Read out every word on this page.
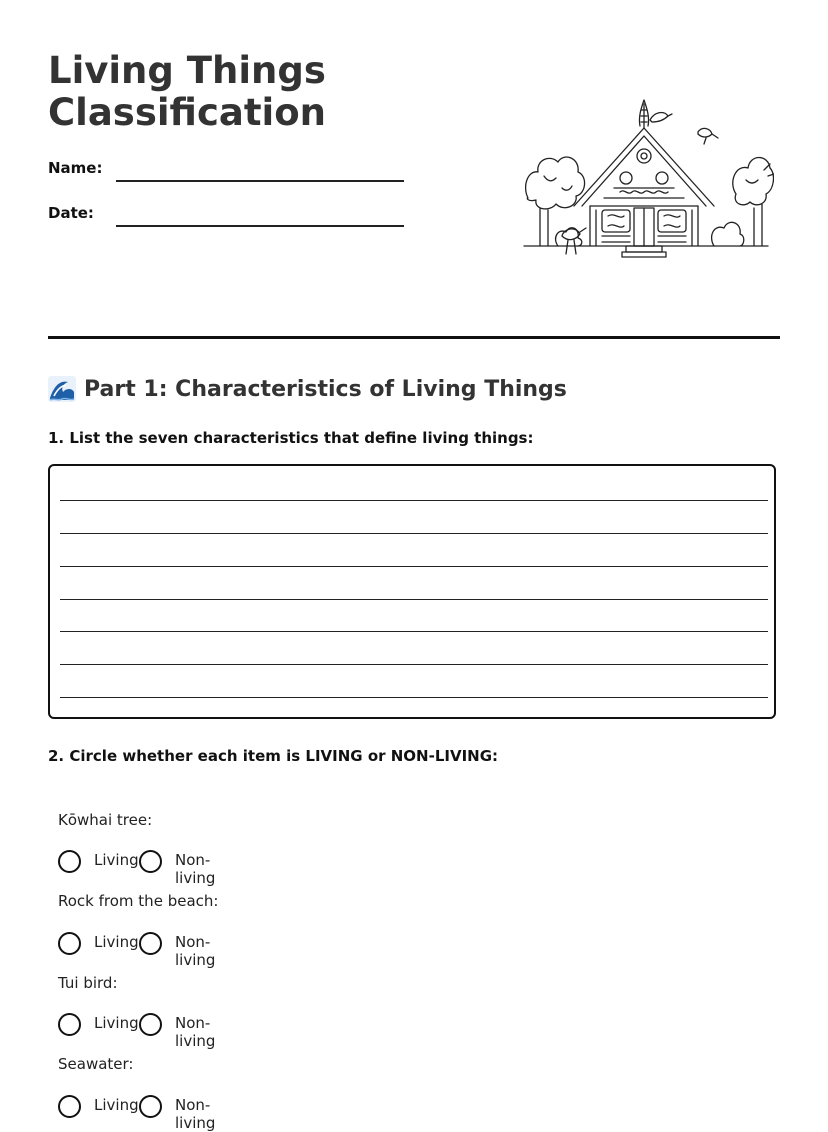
Living Things Classification
Name:
Date:
Part 1: Characteristics of Living Things
1. List the seven characteristics that define living things:
2. Circle whether each item is LIVING or NON-LIVING:
Kōwhai tree:
Living Non-living
Rock from the beach:
Living Non-living
Tui bird:
Living Non-living
Seawater:
Living Non-living
